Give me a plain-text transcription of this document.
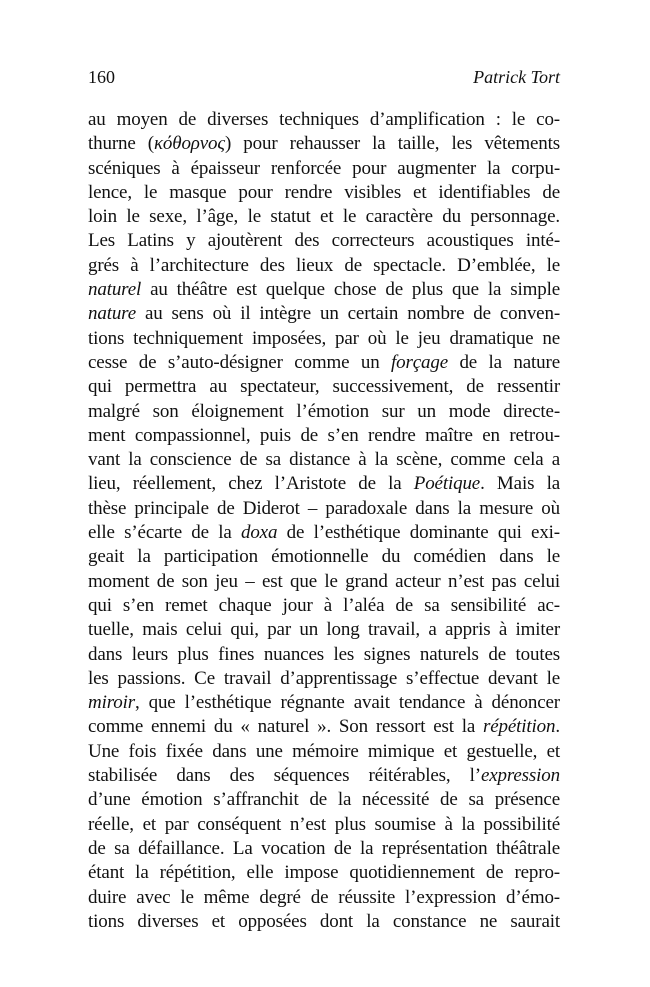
160	Patrick Tort
au moyen de diverses techniques d’amplification : le co-
thurne (κόθορνος) pour rehausser la taille, les vêtements
scéniques à épaisseur renforcée pour augmenter la corpu-
lence, le masque pour rendre visibles et identifiables de
loin le sexe, l’âge, le statut et le caractère du personnage.
Les Latins y ajoutèrent des correcteurs acoustiques inté-
grés à l’architecture des lieux de spectacle. D’emblée, le
naturel au théâtre est quelque chose de plus que la simple
nature au sens où il intègre un certain nombre de conven-
tions techniquement imposées, par où le jeu dramatique ne
cesse de s’auto-désigner comme un forçage de la nature
qui permettra au spectateur, successivement, de ressentir
malgré son éloignement l’émotion sur un mode directe-
ment compassionnel, puis de s’en rendre maître en retrou-
vant la conscience de sa distance à la scène, comme cela a
lieu, réellement, chez l’Aristote de la Poétique. Mais la
thèse principale de Diderot – paradoxale dans la mesure où
elle s’écarte de la doxa de l’esthétique dominante qui exi-
geait la participation émotionnelle du comédien dans le
moment de son jeu – est que le grand acteur n’est pas celui
qui s’en remet chaque jour à l’aléa de sa sensibilité ac-
tuelle, mais celui qui, par un long travail, a appris à imiter
dans leurs plus fines nuances les signes naturels de toutes
les passions. Ce travail d’apprentissage s’effectue devant le
miroir, que l’esthétique régnante avait tendance à dénoncer
comme ennemi du « naturel ». Son ressort est la répétition.
Une fois fixée dans une mémoire mimique et gestuelle, et
stabilisée dans des séquences réitérables, l’expression
d’une émotion s’affranchit de la nécessité de sa présence
réelle, et par conséquent n’est plus soumise à la possibilité
de sa défaillance. La vocation de la représentation théâtrale
étant la répétition, elle impose quotidiennement de repro-
duire avec le même degré de réussite l’expression d’émo-
tions diverses et opposées dont la constance ne saurait
